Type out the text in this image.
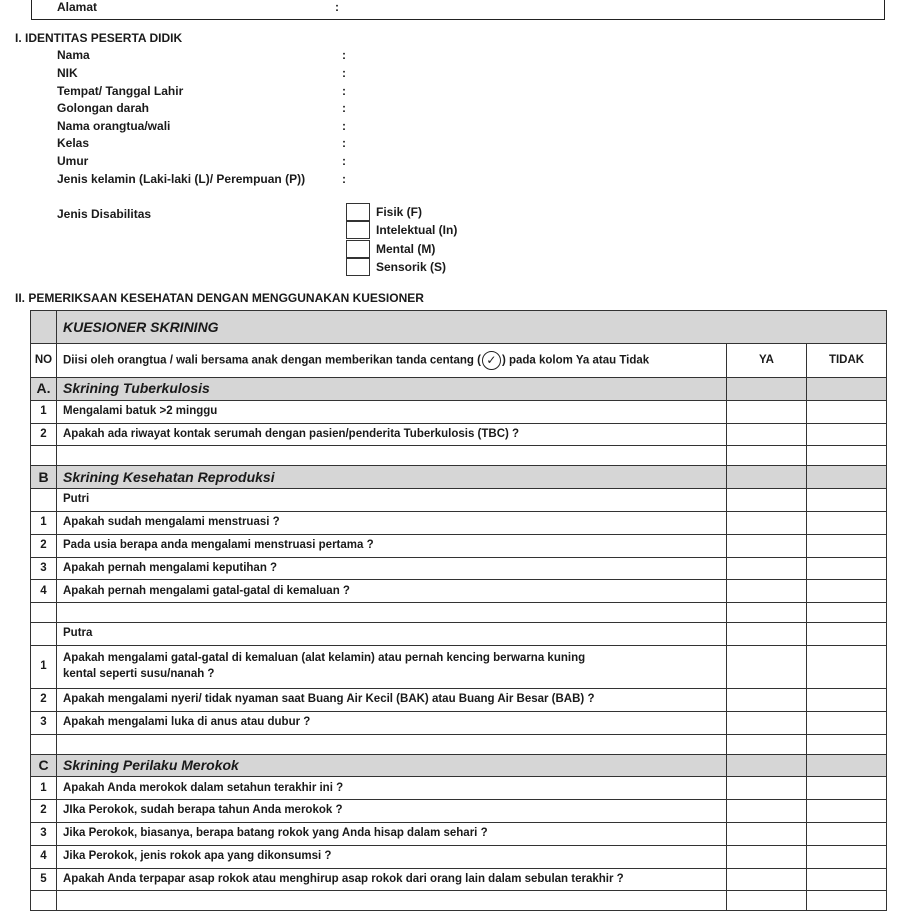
Alamat	:
I. IDENTITAS PESERTA DIDIK
Nama	:
NIK	:
Tempat/ Tanggal Lahir	:
Golongan darah	:
Nama orangtua/wali	:
Kelas	:
Umur	:
Jenis kelamin (Laki-laki (L)/ Perempuan (P))	:
Jenis Disabilitas	Fisik (F)
Intelektual (In)
Mental (M)
Sensorik (S)
II. PEMERIKSAAN KESEHATAN DENGAN MENGGUNAKAN KUESIONER
	KUESIONER SKRINING		
NO	Diisi oleh orangtua / wali bersama anak dengan memberikan tanda centang ( ✓ ) pada kolom Ya atau Tidak	YA	TIDAK
A.	Skrining Tuberkulosis		
1	Mengalami batuk >2 minggu		
2	Apakah ada riwayat kontak serumah dengan pasien/penderita Tuberkulosis (TBC) ?		

B	Skrining Kesehatan Reproduksi		
	Putri		
1	Apakah sudah mengalami menstruasi ?		
2	Pada usia berapa anda mengalami menstruasi pertama ?		
3	Apakah pernah mengalami keputihan ?		
4	Apakah pernah mengalami gatal-gatal di kemaluan ?		

	Putra		
1	Apakah mengalami gatal-gatal di kemaluan (alat kelamin) atau pernah kencing berwarna kuning
kental seperti susu/nanah ?		
2	Apakah mengalami nyeri/ tidak nyaman saat Buang Air Kecil (BAK) atau Buang Air Besar (BAB) ?		
3	Apakah mengalami luka di anus atau dubur ?		

C	Skrining Perilaku Merokok		
1	Apakah Anda merokok dalam setahun terakhir ini ?		
2	JIka Perokok, sudah berapa tahun Anda merokok ?		
3	Jika Perokok, biasanya, berapa batang rokok yang Anda hisap dalam sehari ?		
4	Jika Perokok, jenis rokok apa yang dikonsumsi ?		
5	Apakah Anda terpapar asap rokok atau menghirup asap rokok dari orang lain dalam sebulan terakhir ?		
